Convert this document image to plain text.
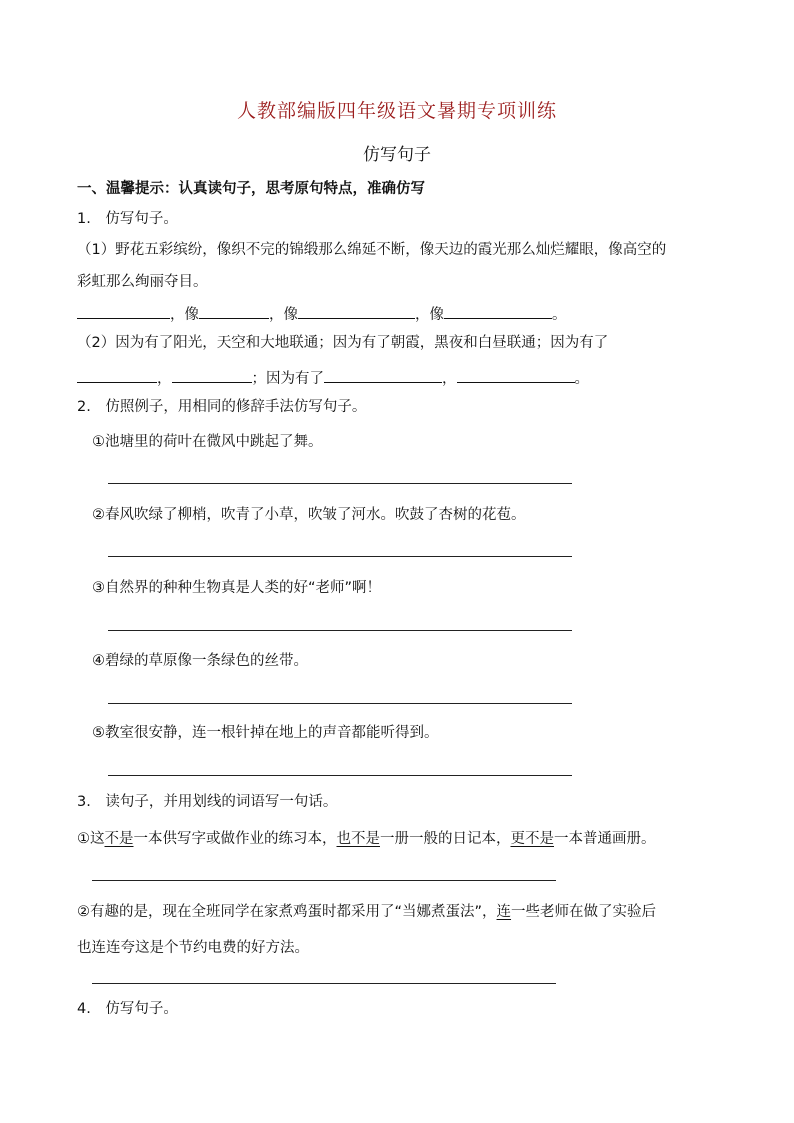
人教部编版四年级语文暑期专项训练
仿写句子
一、温馨提示：认真读句子，思考原句特点，准确仿写
1.　仿写句子。
（1）野花五彩缤纷，像织不完的锦缎那么绵延不断，像天边的霞光那么灿烂耀眼，像高空的
彩虹那么绚丽夺目。
，像	，像	，像	。
（2）因为有了阳光，天空和大地联通；因为有了朝霞，黑夜和白昼联通；因为有了
，	；因为有了	，	。
2.　仿照例子，用相同的修辞手法仿写句子。
①池塘里的荷叶在微风中跳起了舞。
②春风吹绿了柳梢，吹青了小草，吹皱了河水。吹鼓了杏树的花苞。
③自然界的种种生物真是人类的好“老师”啊！
④碧绿的草原像一条绿色的丝带。
⑤教室很安静，连一根针掉在地上的声音都能听得到。
3.　读句子，并用划线的词语写一句话。
①这不是一本供写字或做作业的练习本，也不是一册一般的日记本，更不是一本普通画册。
②有趣的是，现在全班同学在家煮鸡蛋时都采用了“当娜煮蛋法”，连一些老师在做了实验后
也连连夸这是个节约电费的好方法。
4.　仿写句子。
